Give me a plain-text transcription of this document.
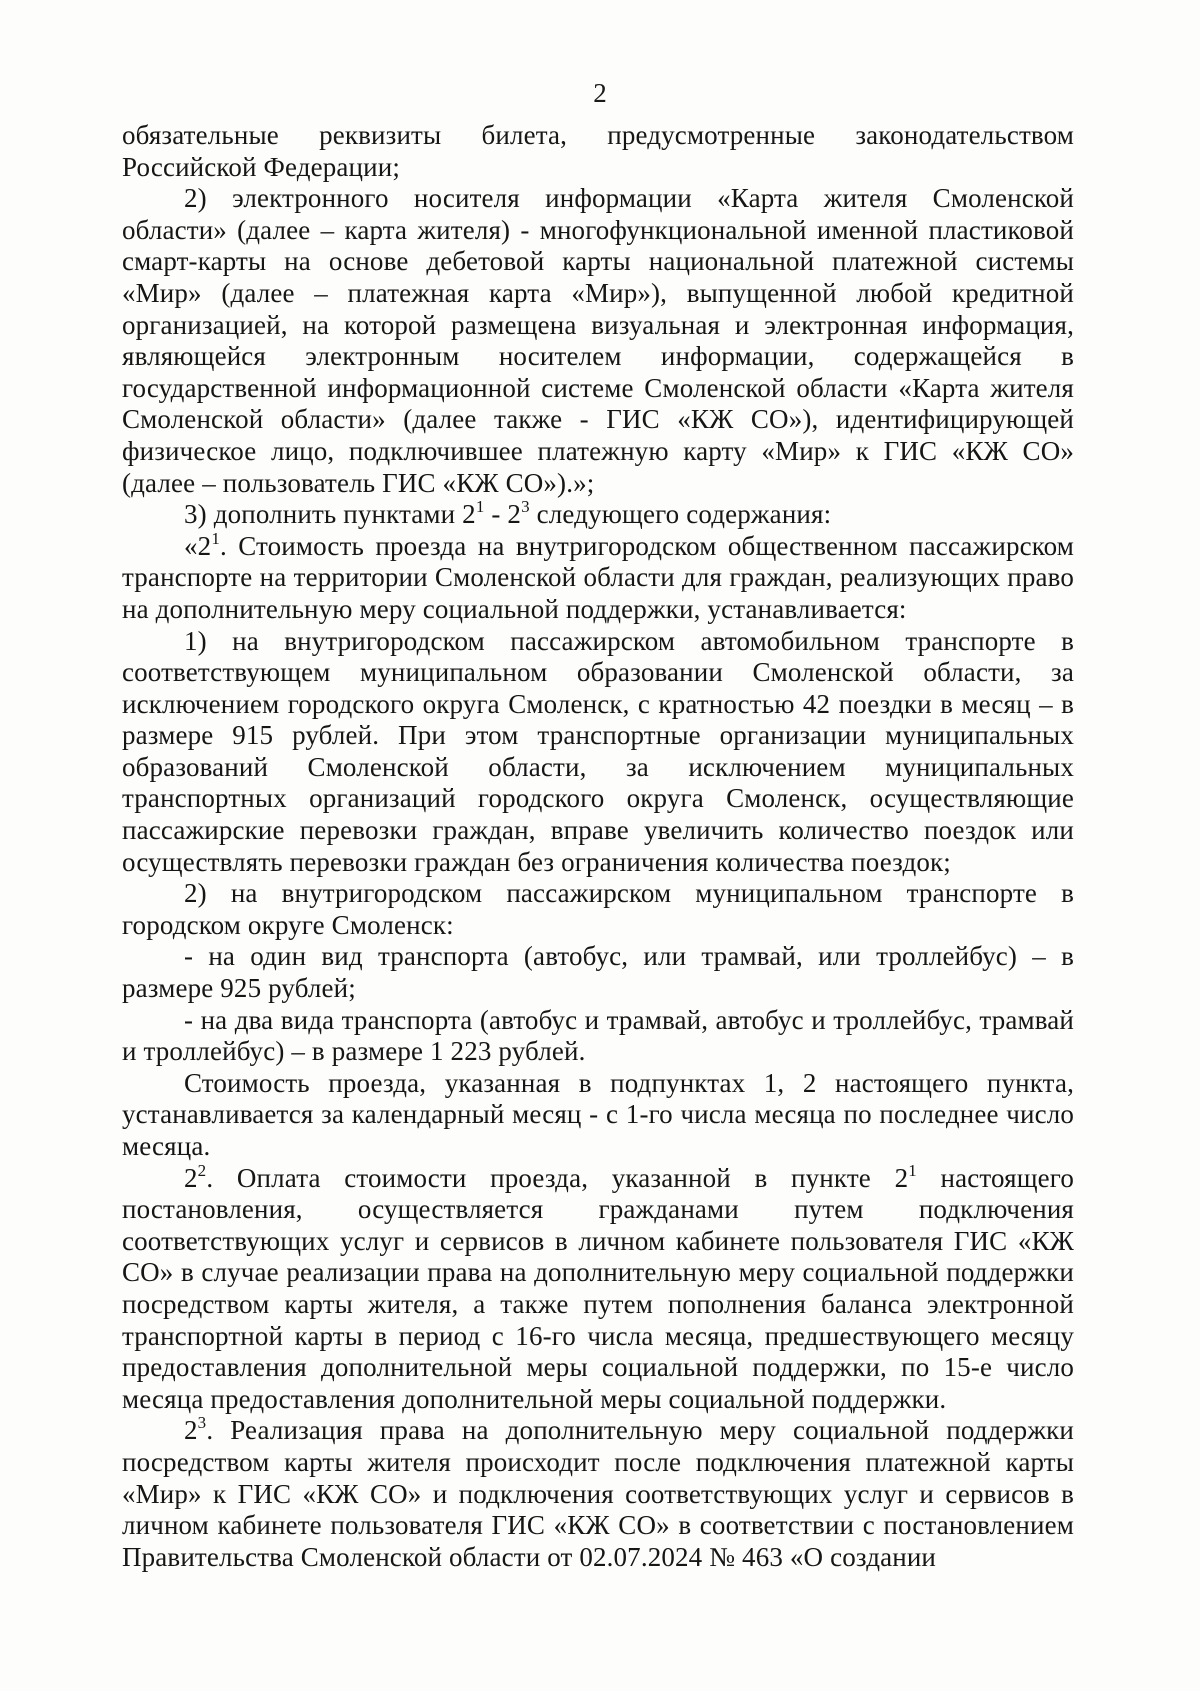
2

обязательные реквизиты билета, предусмотренные законодательством Российской Федерации;

2) электронного носителя информации «Карта жителя Смоленской области» (далее – карта жителя) - многофункциональной именной пластиковой смарт-карты на основе дебетовой карты национальной платежной системы «Мир» (далее – платежная карта «Мир»), выпущенной любой кредитной организацией, на которой размещена визуальная и электронная информация, являющейся электронным носителем информации, содержащейся в государственной информационной системе Смоленской области «Карта жителя Смоленской области» (далее также - ГИС «КЖ СО»), идентифицирующей физическое лицо, подключившее платежную карту «Мир» к ГИС «КЖ СО» (далее – пользователь ГИС «КЖ СО»).»;

3) дополнить пунктами $2^1 - 2^3$ следующего содержания:

«$2^1$. Стоимость проезда на внутригородском общественном пассажирском транспорте на территории Смоленской области для граждан, реализующих право на дополнительную меру социальной поддержки, устанавливается:

1) на внутригородском пассажирском автомобильном транспорте в соответствующем муниципальном образовании Смоленской области, за исключением городского округа Смоленск, с кратностью 42 поездки в месяц – в размере 915 рублей. При этом транспортные организации муниципальных образований Смоленской области, за исключением муниципальных транспортных организаций городского округа Смоленск, осуществляющие пассажирские перевозки граждан, вправе увеличить количество поездок или осуществлять перевозки граждан без ограничения количества поездок;

2) на внутригородском пассажирском муниципальном транспорте в городском округе Смоленск:

- на один вид транспорта (автобус, или трамвай, или троллейбус) – в размере 925 рублей;

- на два вида транспорта (автобус и трамвай, автобус и троллейбус, трамвай и троллейбус) – в размере 1 223 рублей.

Стоимость проезда, указанная в подпунктах 1, 2 настоящего пункта, устанавливается за календарный месяц - с 1-го числа месяца по последнее число месяца.

$2^2$. Оплата стоимости проезда, указанной в пункте $2^1$ настоящего постановления, осуществляется гражданами путем подключения соответствующих услуг и сервисов в личном кабинете пользователя ГИС «КЖ СО» в случае реализации права на дополнительную меру социальной поддержки посредством карты жителя, а также путем пополнения баланса электронной транспортной карты в период с 16-го числа месяца, предшествующего месяцу предоставления дополнительной меры социальной поддержки, по 15-е число месяца предоставления дополнительной меры социальной поддержки.

$2^3$. Реализация права на дополнительную меру социальной поддержки посредством карты жителя происходит после подключения платежной карты «Мир» к ГИС «КЖ СО» и подключения соответствующих услуг и сервисов в личном кабинете пользователя ГИС «КЖ СО» в соответствии с постановлением Правительства Смоленской области от 02.07.2024 № 463 «О создании
